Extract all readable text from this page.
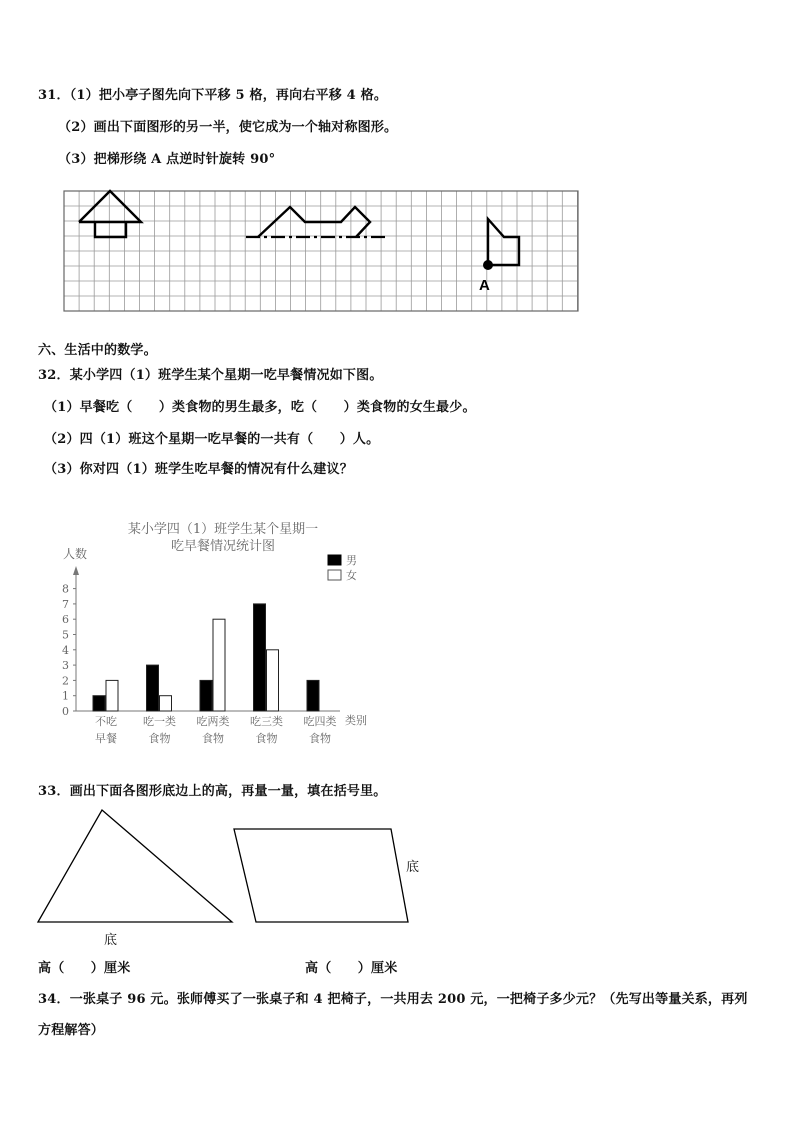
31．（1）把小亭子图先向下平移 5 格，再向右平移 4 格。
（2）画出下面图形的另一半，使它成为一个轴对称图形。
（3）把梯形绕 A 点逆时针旋转 90°
A
六、生活中的数学。
32．某小学四（1）班学生某个星期一吃早餐情况如下图。
（1）早餐吃（　　）类食物的男生最多，吃（　　）类食物的女生最少。
（2）四（1）班这个星期一吃早餐的一共有（　　）人。
（3）你对四（1）班学生吃早餐的情况有什么建议？
某小学四（1）班学生某个星期一
吃早餐情况统计图
人数
0
1
2
3
4
5
6
7
8
不吃
早餐
吃一类
食物
吃两类
食物
吃三类
食物
吃四类
食物
类别
男
女
33．画出下面各图形底边上的高，再量一量，填在括号里。
底
底
高（　　）厘米	高（　　）厘米
34．一张桌子 96 元。张师傅买了一张桌子和 4 把椅子，一共用去 200 元，一把椅子多少元？（先写出等量关系，再列
方程解答）
